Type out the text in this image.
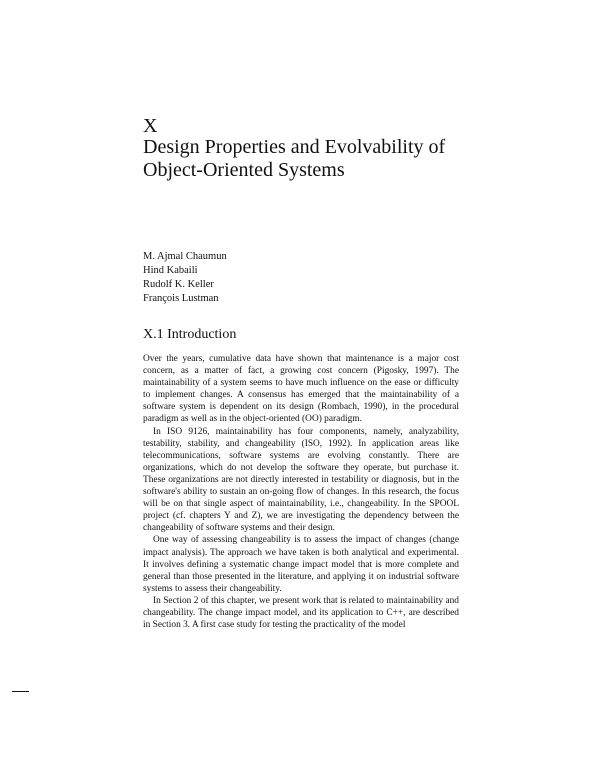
X
Design Properties and Evolvability of Object-Oriented Systems
M. Ajmal Chaumun
Hind Kabaili
Rudolf K. Keller
François Lustman
X.1 Introduction

Over the years, cumulative data have shown that maintenance is a major cost concern, as a matter of fact, a growing cost concern (Pigosky, 1997). The maintainability of a system seems to have much influence on the ease or difficulty to implement changes. A consensus has emerged that the maintainability of a software system is dependent on its design (Rombach, 1990), in the procedural paradigm as well as in the object-oriented (OO) paradigm.

In ISO 9126, maintainability has four components, namely, analyzability, testability, stability, and changeability (ISO, 1992). In application areas like telecommunications, software systems are evolving constantly. There are organizations, which do not develop the software they operate, but purchase it. These organizations are not directly interested in testability or diagnosis, but in the software's ability to sustain an on-going flow of changes. In this research, the focus will be on that single aspect of maintainability, i.e., changeability. In the SPOOL project (cf. chapters Y and Z), we are investigating the dependency between the changeability of software systems and their design.

One way of assessing changeability is to assess the impact of changes (change impact analysis). The approach we have taken is both analytical and experimental. It involves defining a systematic change impact model that is more complete and general than those presented in the literature, and applying it on industrial software systems to assess their changeability.

In Section 2 of this chapter, we present work that is related to maintainability and changeability. The change impact model, and its application to C++, are described in Section 3. A first case study for testing the practicality of the model
